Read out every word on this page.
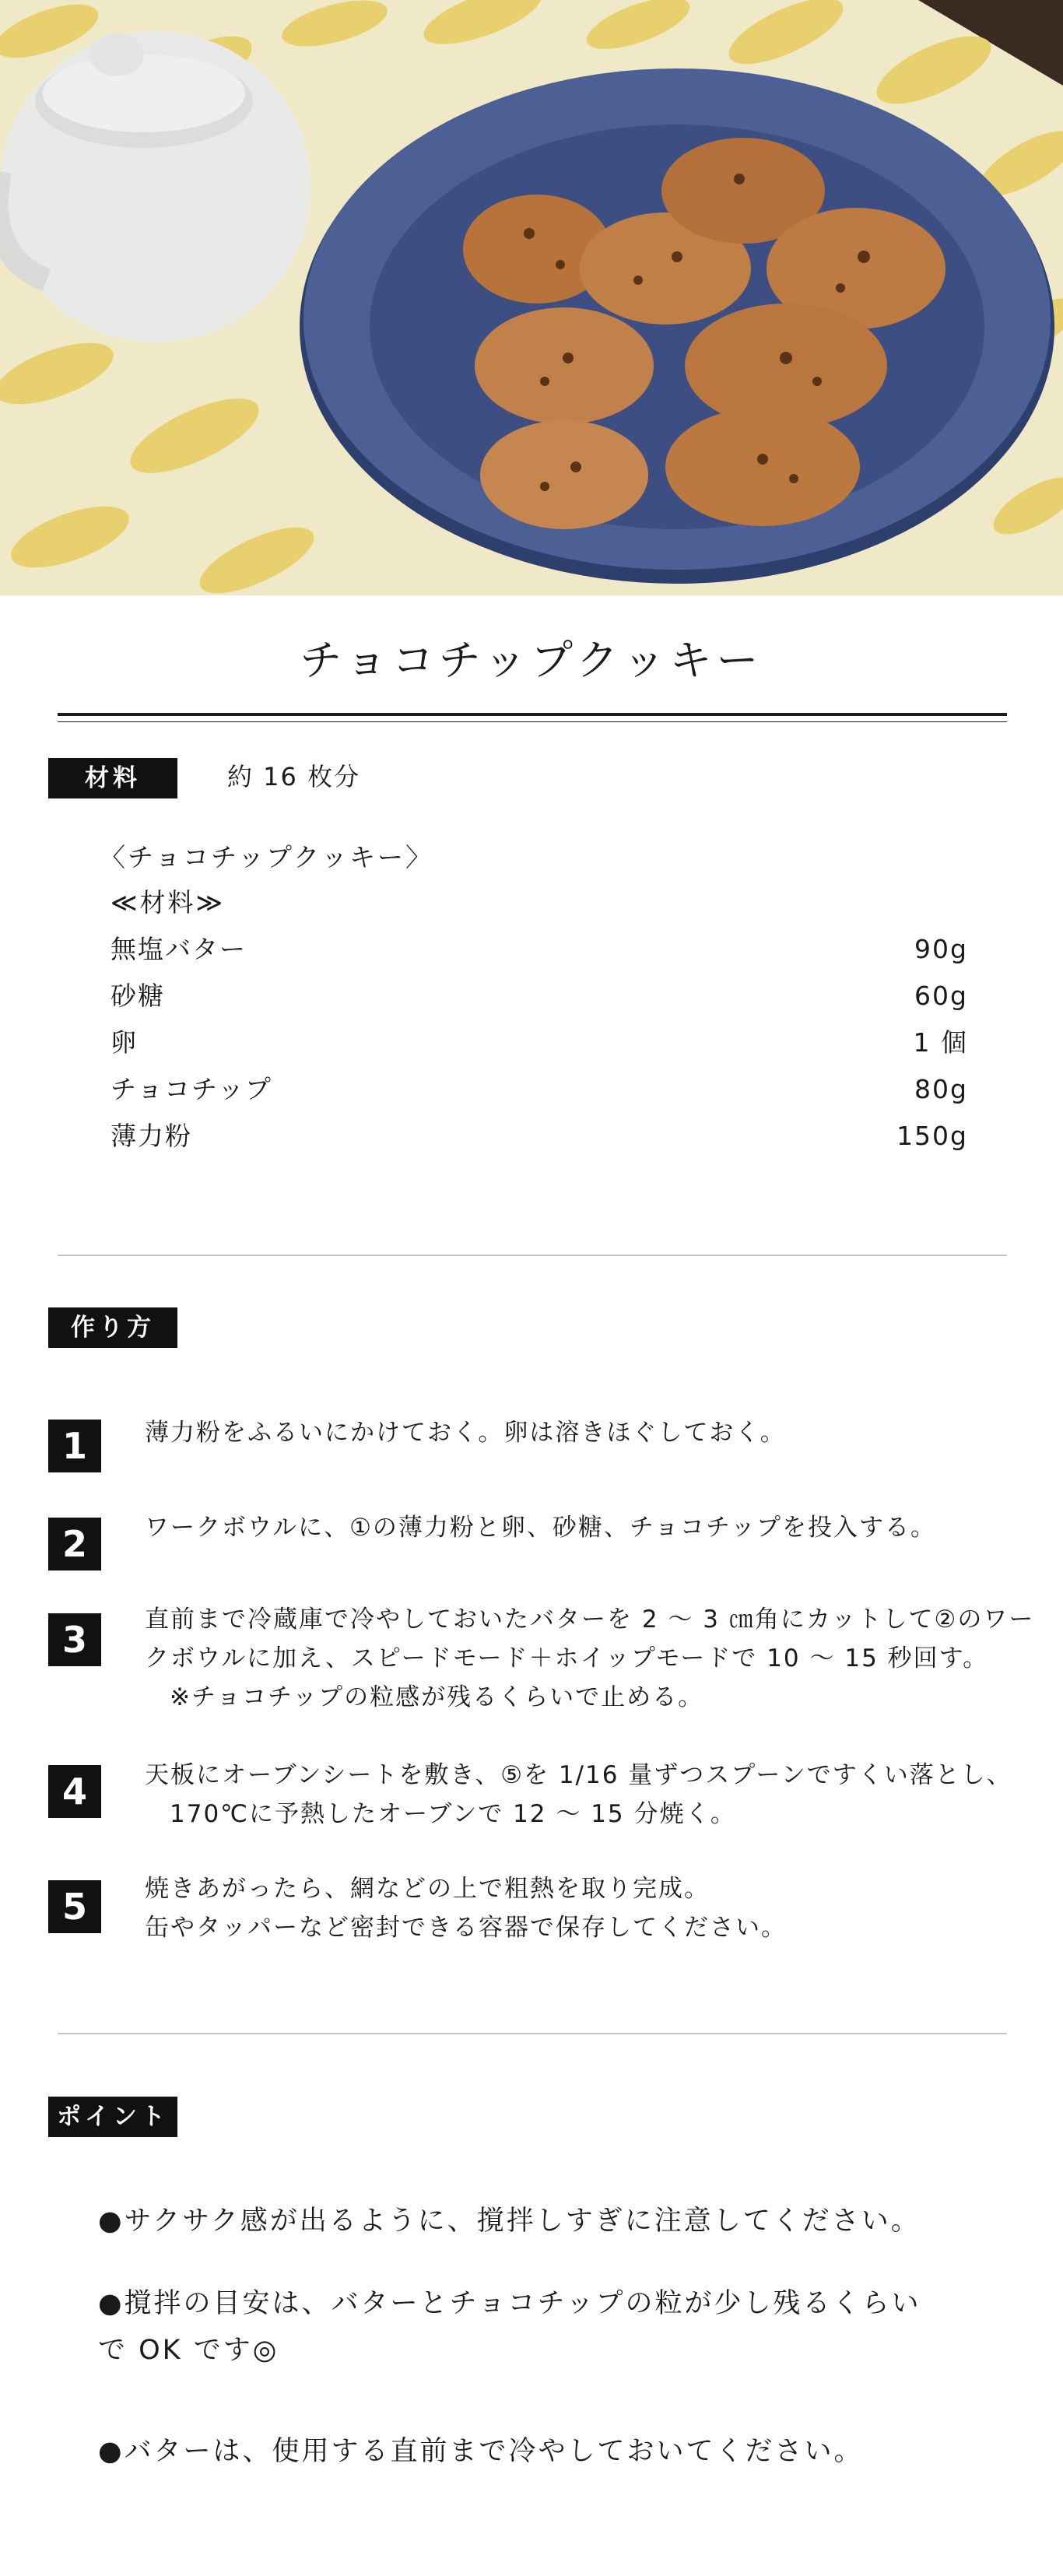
チョコチップクッキー
材料	約 16 枚分
〈チョコチップクッキー〉
≪材料≫
無塩バター	90g
砂糖	60g
卵	1 個
チョコチップ	80g
薄力粉	150g
作り方
1	薄力粉をふるいにかけておく。卵は溶きほぐしておく。
2	ワークボウルに、①の薄力粉と卵、砂糖、チョコチップを投入する。
3	直前まで冷蔵庫で冷やしておいたバターを 2 〜 3 ㎝角にカットして②のワー
クボウルに加え、スピードモード＋ホイップモードで 10 〜 15 秒回す。
※チョコチップの粒感が残るくらいで止める。
4	天板にオーブンシートを敷き、⑤を 1/16 量ずつスプーンですくい落とし、
170℃に予熱したオーブンで 12 〜 15 分焼く。
5	焼きあがったら、網などの上で粗熱を取り完成。
缶やタッパーなど密封できる容器で保存してください。
ポイント
●サクサク感が出るように、撹拌しすぎに注意してください。
●撹拌の目安は、バターとチョコチップの粒が少し残るくらい
で OK です◎
●バターは、使用する直前まで冷やしておいてください。
